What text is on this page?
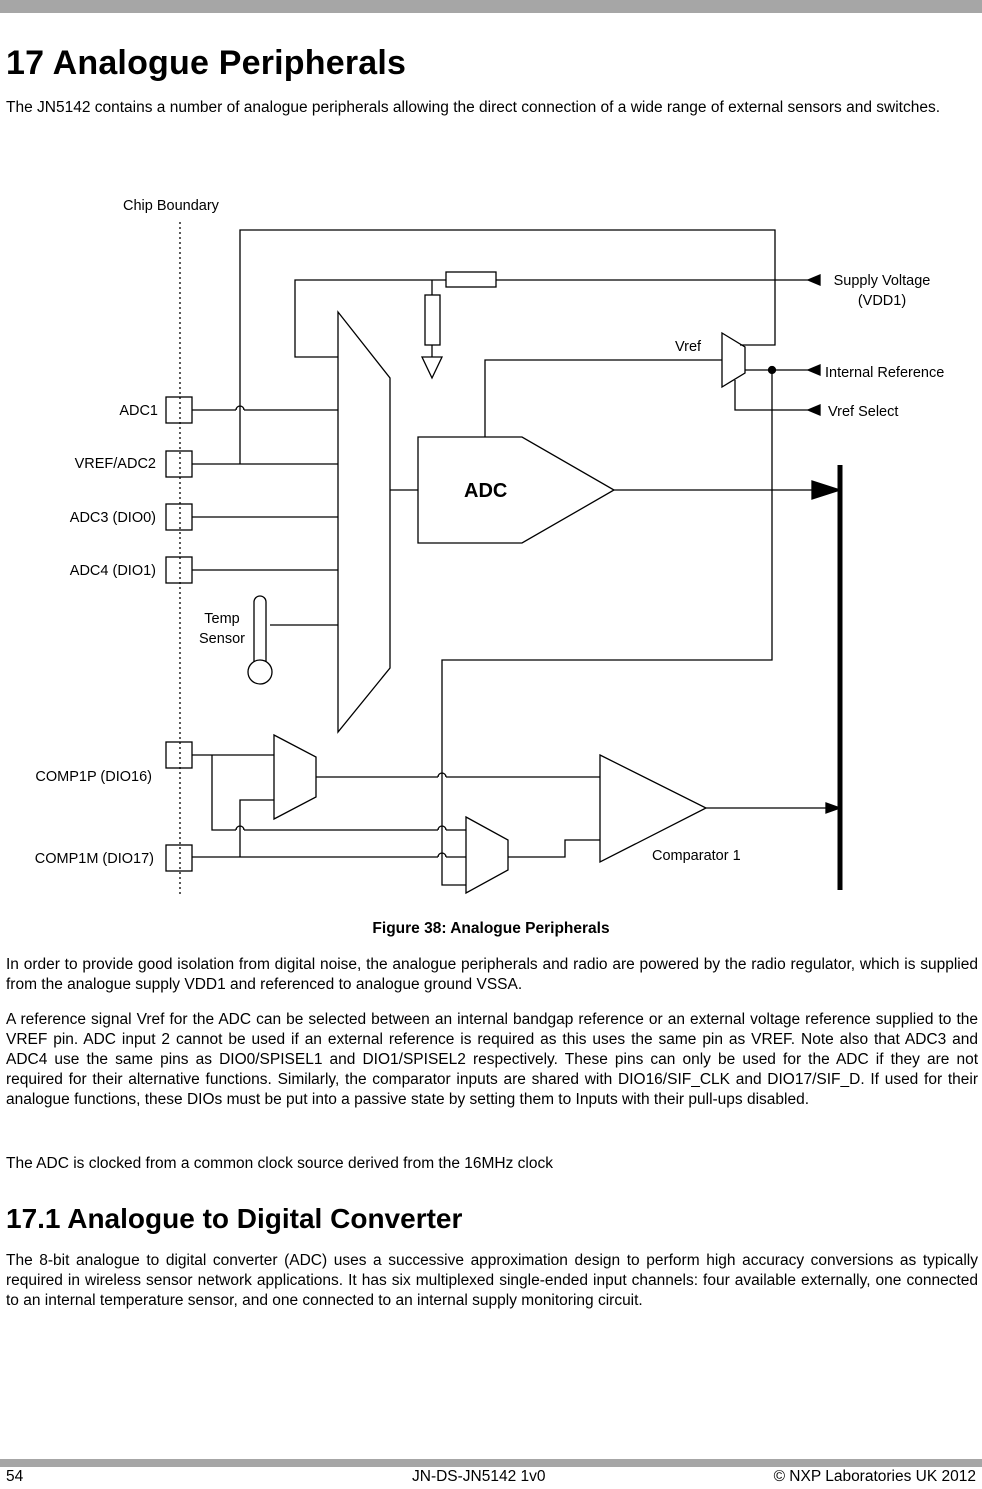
17 Analogue Peripherals

The JN5142 contains a number of analogue peripherals allowing the direct connection of a wide range of external sensors and switches.

Chip Boundary
ADC1
VREF/ADC2
ADC3 (DIO0)
ADC4 (DIO1)
Temp
Sensor
COMP1P (DIO16)
COMP1M (DIO17)
ADC
Vref
Supply Voltage
(VDD1)
Internal Reference
Vref Select
Comparator 1
Figure 38: Analogue Peripherals

In order to provide good isolation from digital noise, the analogue peripherals and radio are powered by the radio regulator, which is supplied from the analogue supply VDD1 and referenced to analogue ground VSSA.

A reference signal Vref for the ADC can be selected between an internal bandgap reference or an external voltage reference supplied to the VREF pin. ADC input 2 cannot be used if an external reference is required as this uses the same pin as VREF. Note also that ADC3 and ADC4 use the same pins as DIO0/SPISEL1 and DIO1/SPISEL2 respectively. These pins can only be used for the ADC if they are not required for their alternative functions. Similarly, the comparator inputs are shared with DIO16/SIF_CLK and DIO17/SIF_D. If used for their analogue functions, these DIOs must be put into a passive state by setting them to Inputs with their pull-ups disabled.

The ADC is clocked from a common clock source derived from the 16MHz clock

17.1 Analogue to Digital Converter

The 8-bit analogue to digital converter (ADC) uses a successive approximation design to perform high accuracy conversions as typically required in wireless sensor network applications. It has six multiplexed single-ended input channels: four available externally, one connected to an internal temperature sensor, and one connected to an internal supply monitoring circuit.

54	JN-DS-JN5142 1v0	© NXP Laboratories UK 2012
